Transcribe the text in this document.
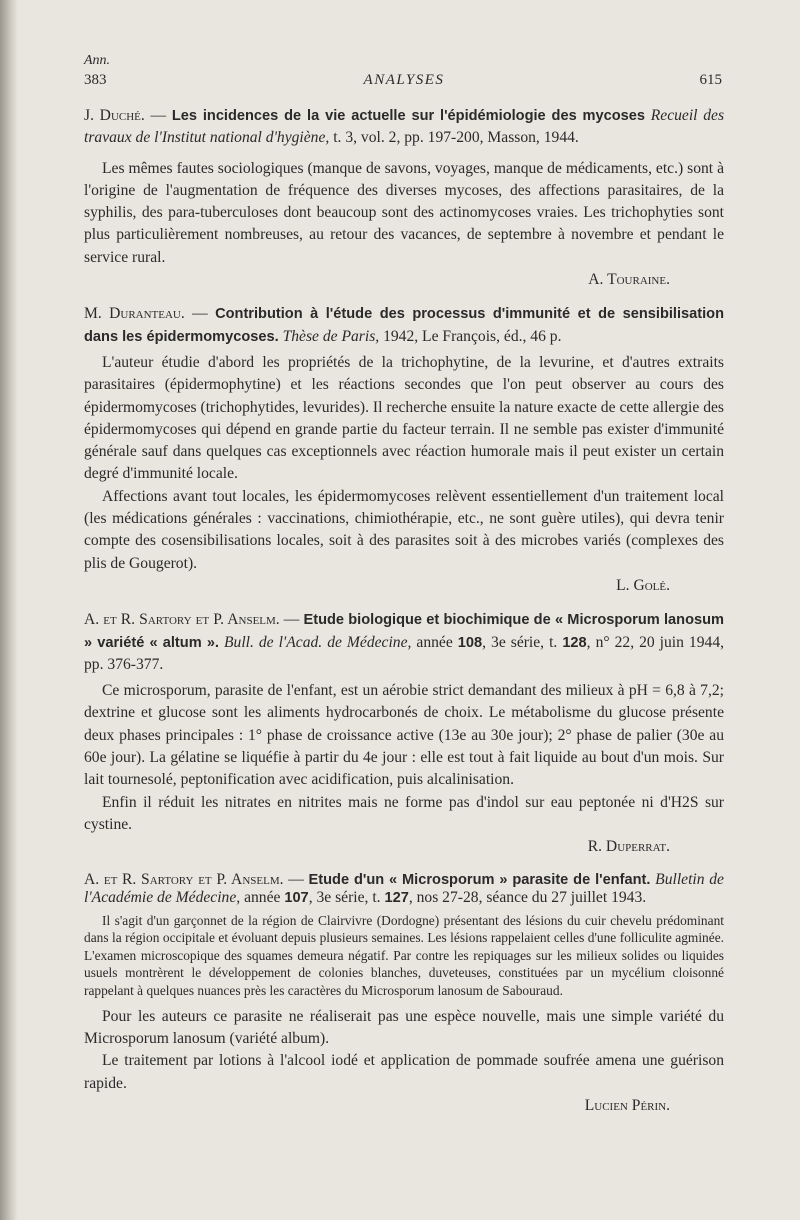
Ann.
383	ANALYSES	615
J. Duché. — Les incidences de la vie actuelle sur l'épidémiologie des mycoses Recueil des travaux de l'Institut national d'hygiène, t. 3, vol. 2, pp. 197-200, Masson, 1944.

Les mêmes fautes sociologiques (manque de savons, voyages, manque de médicaments, etc.) sont à l'origine de l'augmentation de fréquence des diverses mycoses, des affections parasitaires, de la syphilis, des para-tuberculoses dont beaucoup sont des actinomycoses vraies. Les trichophyties sont plus particulièrement nombreuses, au retour des vacances, de septembre à novembre et pendant le service rural.

A. Touraine.
M. Duranteau. — Contribution à l'étude des processus d'immunité et de sensibilisation dans les épidermomycoses. Thèse de Paris, 1942, Le François, éd., 46 p.

L'auteur étudie d'abord les propriétés de la trichophytine, de la levurine, et d'autres extraits parasitaires (épidermophytine) et les réactions secondes que l'on peut observer au cours des épidermomycoses (trichophytides, levurides). Il recherche ensuite la nature exacte de cette allergie des épidermomycoses qui dépend en grande partie du facteur terrain. Il ne semble pas exister d'immunité générale sauf dans quelques cas exceptionnels avec réaction humorale mais il peut exister un certain degré d'immunité locale.

Affections avant tout locales, les épidermomycoses relèvent essentiellement d'un traitement local (les médications générales : vaccinations, chimiothérapie, etc., ne sont guère utiles), qui devra tenir compte des cosensibilisations locales, soit à des parasites soit à des microbes variés (complexes des plis de Gougerot).

L. Golé.
A. et R. Sartory et P. Anselm. — Etude biologique et biochimique de « Microsporum lanosum » variété « altum ». Bull. de l'Acad. de Médecine, année 108, 3e série, t. 128, n° 22, 20 juin 1944, pp. 376-377.

Ce microsporum, parasite de l'enfant, est un aérobie strict demandant des milieux à pH = 6,8 à 7,2; dextrine et glucose sont les aliments hydrocarbonés de choix. Le métabolisme du glucose présente deux phases principales : 1° phase de croissance active (13e au 30e jour); 2° phase de palier (30e au 60e jour). La gélatine se liquéfie à partir du 4e jour : elle est tout à fait liquide au bout d'un mois. Sur lait tournesolé, peptonification avec acidification, puis alcalinisation.

Enfin il réduit les nitrates en nitrites mais ne forme pas d'indol sur eau peptonée ni d'H2S sur cystine.

R. Duperrat.
A. et R. Sartory et P. Anselm. — Etude d'un « Microsporum » parasite de l'enfant. Bulletin de l'Académie de Médecine, année 107, 3e série, t. 127, nos 27-28, séance du 27 juillet 1943.

Il s'agit d'un garçonnet de la région de Clairvivre (Dordogne) présentant des lésions du cuir chevelu prédominant dans la région occipitale et évoluant depuis plusieurs semaines. Les lésions rappelaient celles d'une folliculite agminée. L'examen microscopique des squames demeura négatif. Par contre les repiquages sur les milieux solides ou liquides usuels montrèrent le développement de colonies blanches, duveteuses, constituées par un mycélium cloisonné rappelant à quelques nuances près les caractères du Microsporum lanosum de Sabouraud.

Pour les auteurs ce parasite ne réaliserait pas une espèce nouvelle, mais une simple variété du Microsporum lanosum (variété album).

Le traitement par lotions à l'alcool iodé et application de pommade soufrée amena une guérison rapide.

Lucien Périn.
